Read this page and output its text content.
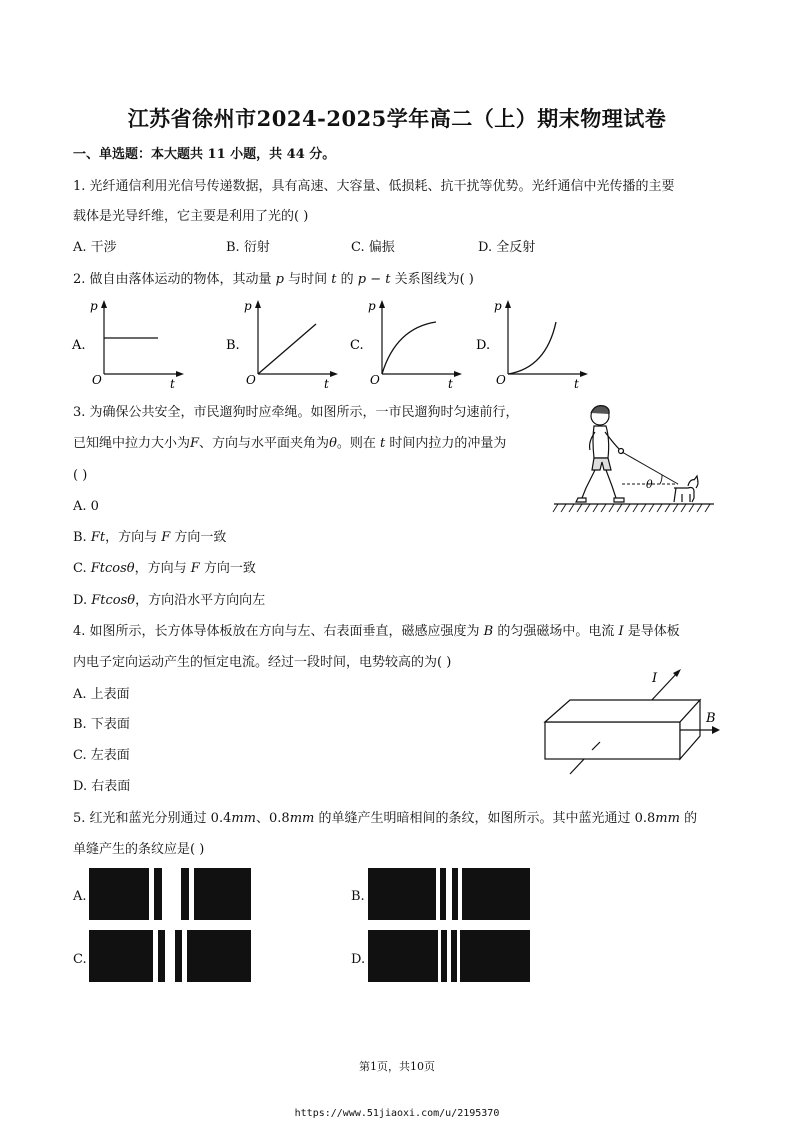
江苏省徐州市2024-2025学年高二（上）期末物理试卷
一、单选题：本大题共 11 小题，共 44 分。
1. 光纤通信利用光信号传递数据，具有高速、大容量、低损耗、抗干扰等优势。光纤通信中光传播的主要
载体是光导纤维，它主要是利用了光的( )
A. 干涉	B. 衍射	C. 偏振	D. 全反射
2. 做自由落体运动的物体，其动量 p 与时间 t 的 p − t 关系图线为( )
A.
p
t
O
B.
p
t
O
C.
p
t
O
D.
p
t
O
3. 为确保公共安全，市民遛狗时应牵绳。如图所示，一市民遛狗时匀速前行，
已知绳中拉力大小为F、方向与水平面夹角为θ。则在 t 时间内拉力的冲量为
( )
A. 0
B. Ft，方向与 F 方向一致
C. Ftcosθ，方向与 F 方向一致
D. Ftcosθ，方向沿水平方向向左
θ
4. 如图所示，长方体导体板放在方向与左、右表面垂直，磁感应强度为 B 的匀强磁场中。电流 I 是导体板
内电子定向运动产生的恒定电流。经过一段时间，电势较高的为( )
A. 上表面
B. 下表面
C. 左表面
D. 右表面
I
B
5. 红光和蓝光分别通过 0.4mm、0.8mm 的单缝产生明暗相间的条纹，如图所示。其中蓝光通过 0.8mm 的
单缝产生的条纹应是( )
A.	B.
C.	D.
第1页，共10页
https://www.51jiaoxi.com/u/2195370
